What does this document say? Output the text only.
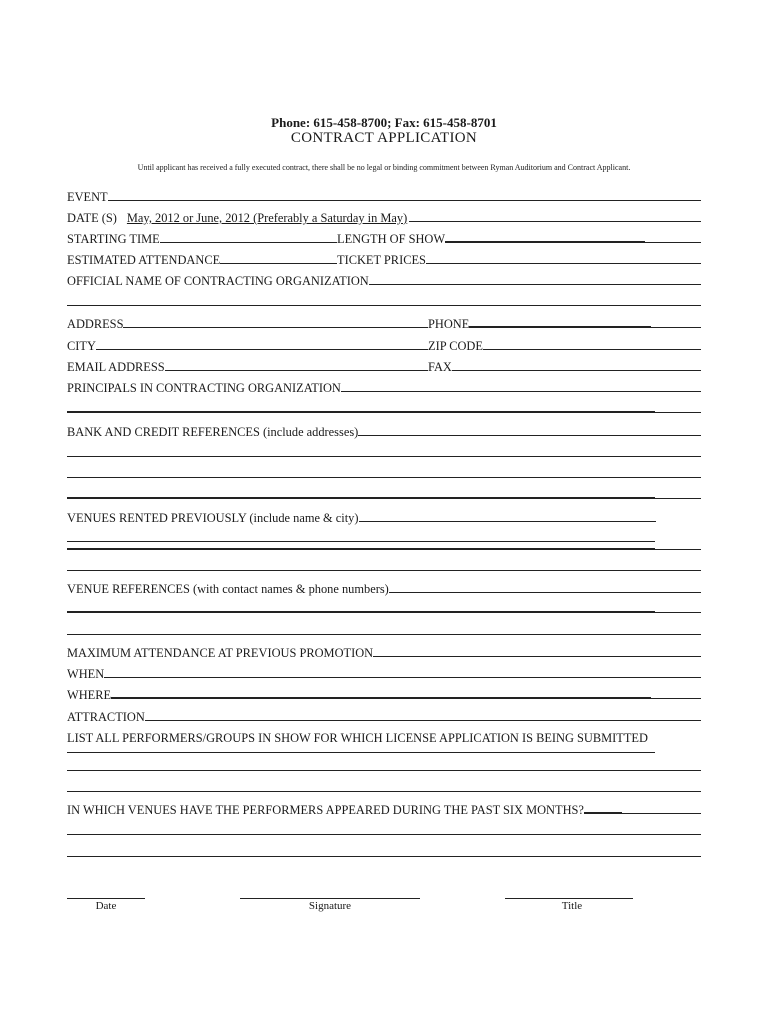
Phone: 615-458-8700; Fax: 615-458-8701
CONTRACT APPLICATION
Until applicant has received a fully executed contract, there shall be no legal or binding commitment between Ryman Auditorium and Contract Applicant.
EVENT
DATE (S) May, 2012 or June, 2012 (Preferably a Saturday in May)
STARTING TIME	LENGTH OF SHOW
ESTIMATED ATTENDANCE	TICKET PRICES
OFFICIAL NAME OF CONTRACTING ORGANIZATION
ADDRESS	PHONE
CITY	ZIP CODE
EMAIL ADDRESS	FAX
PRINCIPALS IN CONTRACTING ORGANIZATION
BANK AND CREDIT REFERENCES (include addresses)
VENUES RENTED PREVIOUSLY (include name & city)
VENUE REFERENCES (with contact names & phone numbers)
MAXIMUM ATTENDANCE AT PREVIOUS PROMOTION
WHEN
WHERE
ATTRACTION
LIST ALL PERFORMERS/GROUPS IN SHOW FOR WHICH LICENSE APPLICATION IS BEING SUBMITTED
IN WHICH VENUES HAVE THE PERFORMERS APPEARED DURING THE PAST SIX MONTHS?
Date	Signature	Title
